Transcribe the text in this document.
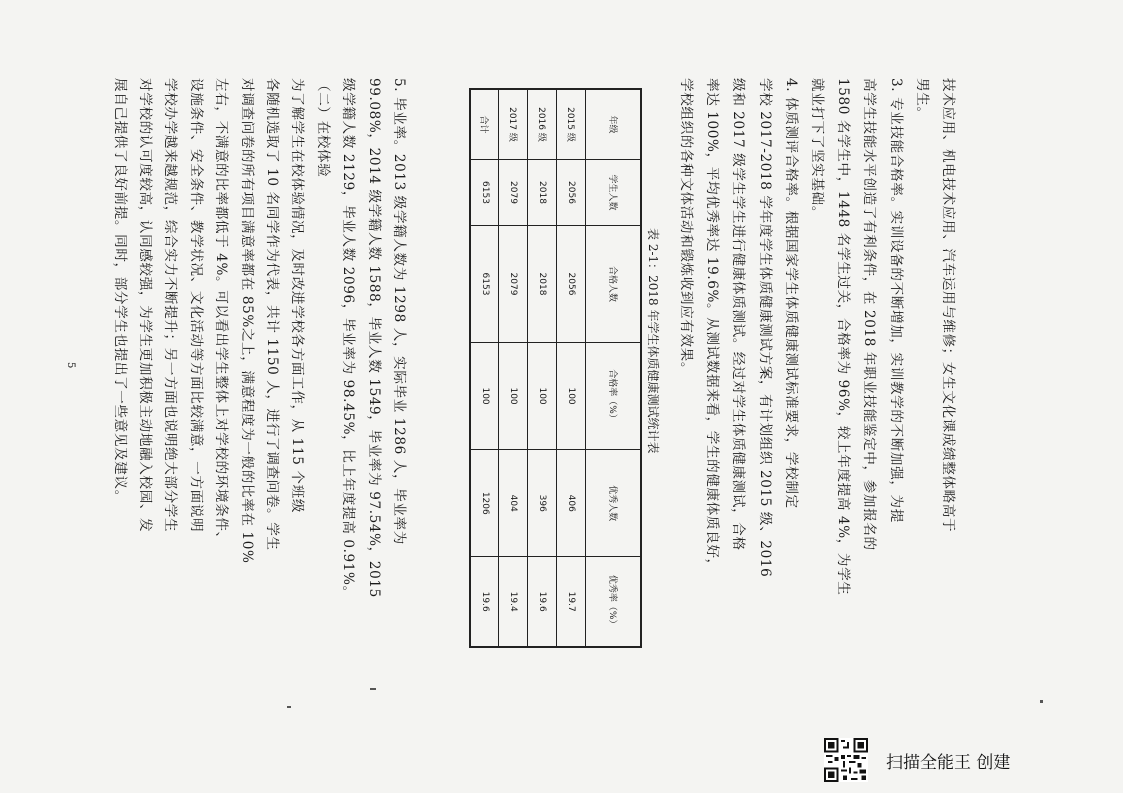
技术应用、机电技术应用、汽车运用与维修；女生文化课成绩整体略高于
男生。
3. 专业技能合格率。实训设备的不断增加，实训教学的不断加强，为提
高学生技能水平创造了有利条件，在 2018 年职业技能鉴定中，参加报名的
1580 名学生中，1448 名学生过关，合格率为 96%，较上年度提高 4%，为学生
就业打下了坚实基础。
4. 体质测评合格率。根据国家学生体质健康测试标准要求，学校制定
学校 2017-2018 学年度学生体质健康测试方案，有计划组织 2015 级、2016
级和 2017 级学生学生进行健康体质测试。经过对学生体质健康测试，合格
率达 100%，平均优秀率达 19.6%。从测试数据来看，学生的健康体质良好，
学校组织的各种文体活动和锻炼收到应有效果。
表 2-1：2018 年学生体质健康测试统计表
年级	学生人数	合格人数	合格率（%）	优秀人数	优秀率（%）
2015 级	2056	2056	100	406	19.7
2016 级	2018	2018	100	396	19.6
2017 级	2079	2079	100	404	19.4
合计	6153	6153	100	1206	19.6
5. 毕业率。2013 级学籍人数为 1298 人，实际毕业 1286 人，毕业率为
99.08%，2014 级学籍人数 1588，毕业人数 1549，毕业率为 97.54%，2015
级学籍人数 2129，毕业人数 2096，毕业率为 98.45%，比上年度提高 0.91%。
（二）在校体验
为了解学生在校体验情况，及时改进学校各方面工作，从 115 个班级
各随机选取了 10 名同学作为代表，共计 1150 人，进行了调查问卷。学生
对调查问卷的所有项目满意率都在 85%之上，满意程度为一般的比率在 10%
左右，不满意的比率都低于 4%。可以看出学生整体上对学校的环境条件、
设施条件、安全条件、教学状况、文化活动等方面比较满意，一方面说明
学校办学越来越规范，综合实力不断提升；另一方面也说明绝大部分学生
对学校的认可度较高，认同感较强，为学生更加积极主动地融入校园、发
展自己提供了良好前提。同时，部分学生也提出了一些意见及建议。
5
扫描全能王 创建
